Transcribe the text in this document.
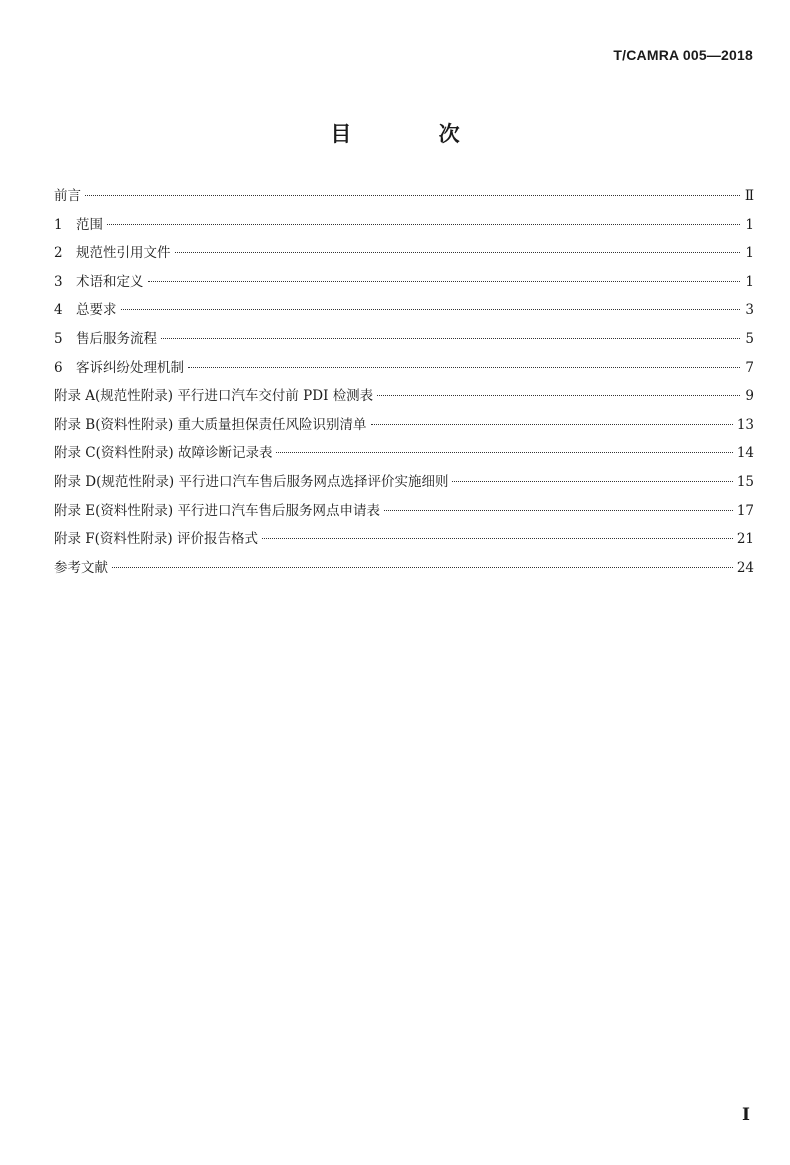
T/CAMRA 005—2018
目 次
前言	Ⅱ
1 范围	1
2 规范性引用文件	1
3 术语和定义	1
4 总要求	3
5 售后服务流程	5
6 客诉纠纷处理机制	7
附录 A(规范性附录) 平行进口汽车交付前 PDI 检测表	9
附录 B(资料性附录) 重大质量担保责任风险识别清单	13
附录 C(资料性附录) 故障诊断记录表	14
附录 D(规范性附录) 平行进口汽车售后服务网点选择评价实施细则	15
附录 E(资料性附录) 平行进口汽车售后服务网点申请表	17
附录 F(资料性附录) 评价报告格式	21
参考文献	24
I
